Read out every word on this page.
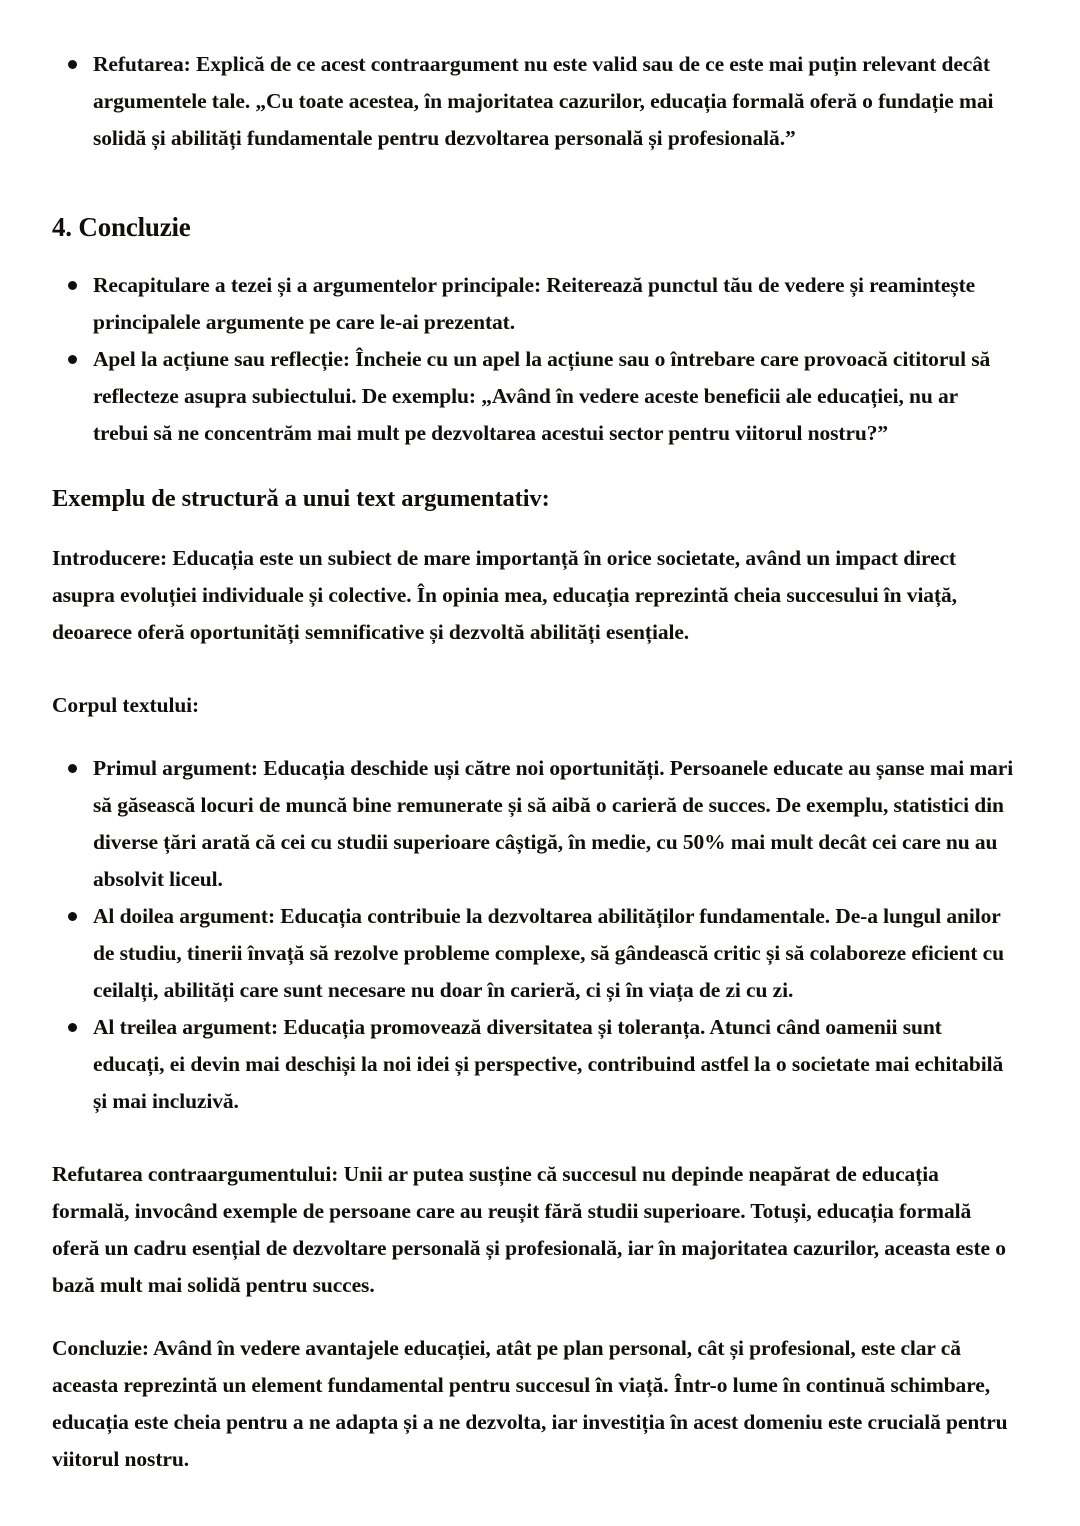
Refutarea: Explică de ce acest contraargument nu este valid sau de ce este mai puțin relevant decât argumentele tale. „Cu toate acestea, în majoritatea cazurilor, educația formală oferă o fundație mai solidă și abilități fundamentale pentru dezvoltarea personală și profesională.”
4. Concluzie
Recapitulare a tezei și a argumentelor principale: Reiterează punctul tău de vedere și reamintește principalele argumente pe care le-ai prezentat.
Apel la acțiune sau reflecție: Încheie cu un apel la acțiune sau o întrebare care provoacă cititorul să reflecteze asupra subiectului. De exemplu: „Având în vedere aceste beneficii ale educației, nu ar trebui să ne concentrăm mai mult pe dezvoltarea acestui sector pentru viitorul nostru?”
Exemplu de structură a unui text argumentativ:

Introducere: Educația este un subiect de mare importanță în orice societate, având un impact direct asupra evoluției individuale și colective. În opinia mea, educația reprezintă cheia succesului în viață, deoarece oferă oportunități semnificative și dezvoltă abilități esențiale.

Corpul textului:

Primul argument: Educația deschide uși către noi oportunități. Persoanele educate au șanse mai mari să găsească locuri de muncă bine remunerate și să aibă o carieră de succes. De exemplu, statistici din diverse țări arată că cei cu studii superioare câștigă, în medie, cu 50% mai mult decât cei care nu au absolvit liceul.
Al doilea argument: Educația contribuie la dezvoltarea abilităților fundamentale. De-a lungul anilor de studiu, tinerii învață să rezolve probleme complexe, să gândească critic și să colaboreze eficient cu ceilalți, abilități care sunt necesare nu doar în carieră, ci și în viața de zi cu zi.
Al treilea argument: Educația promovează diversitatea și toleranța. Atunci când oamenii sunt educați, ei devin mai deschiși la noi idei și perspective, contribuind astfel la o societate mai echitabilă și mai incluzivă.

Refutarea contraargumentului: Unii ar putea susține că succesul nu depinde neapărat de educația formală, invocând exemple de persoane care au reușit fără studii superioare. Totuși, educația formală oferă un cadru esențial de dezvoltare personală și profesională, iar în majoritatea cazurilor, aceasta este o bază mult mai solidă pentru succes.

Concluzie: Având în vedere avantajele educației, atât pe plan personal, cât și profesional, este clar că aceasta reprezintă un element fundamental pentru succesul în viață. Într-o lume în continuă schimbare, educația este cheia pentru a ne adapta și a ne dezvolta, iar investiția în acest domeniu este crucială pentru viitorul nostru.
